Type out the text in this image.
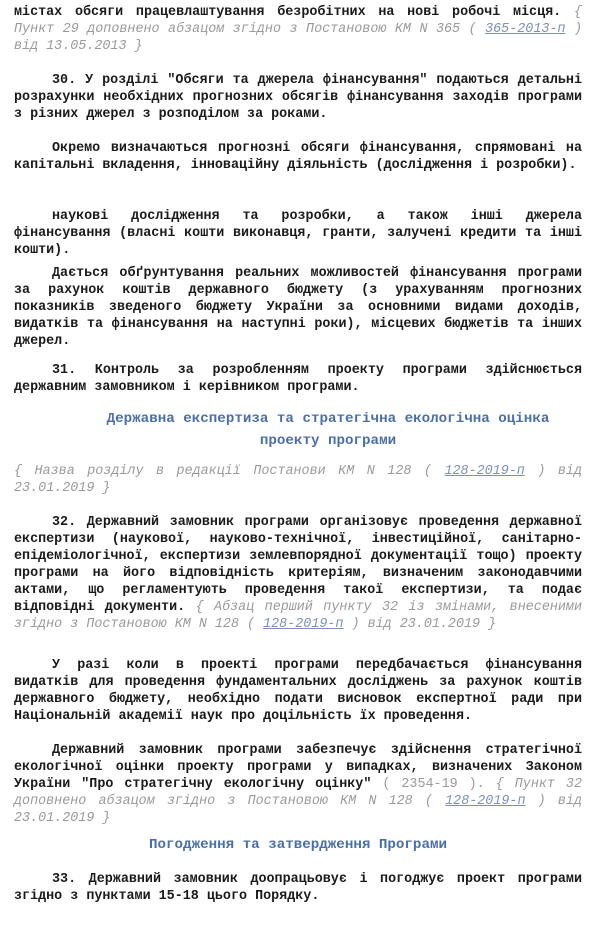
містах обсяги працевлаштування безробітних на нові робочі місця. { Пункт 29 доповнено абзацом згідно з Постановою КМ N 365 ( 365-2013-п ) від 13.05.2013 }
30. У розділі "Обсяги та джерела фінансування" подаються детальні розрахунки необхідних прогнозних обсягів фінансування заходів програми з різних джерел з розподілом за роками.
Окремо визначаються прогнозні обсяги фінансування, спрямовані на капітальні вкладення, інноваційну діяльність (дослідження і розробки).
наукові дослідження та розробки, а також інші джерела фінансування (власні кошти виконавця, гранти, залучені кредити та інші кошти).
Дається обґрунтування реальних можливостей фінансування програми за рахунок коштів державного бюджету (з урахуванням прогнозних показників зведеного бюджету України за основними видами доходів, видатків та фінансування на наступні роки), місцевих бюджетів та інших джерел.
31. Контроль за розробленням проекту програми здійснюється державним замовником і керівником програми.
Державна експертиза та стратегічна екологічна оцінка
проекту програми
{ Назва розділу в редакції Постанови КМ N 128 ( 128-2019-п ) від 23.01.2019 }
32. Державний замовник програми організовує проведення державної експертизи (наукової, науково-технічної, інвестиційної, санітарно-епідеміологічної, експертизи землевпорядної документації тощо) проекту програми на його відповідність критеріям, визначеним законодавчими актами, що регламентують проведення такої експертизи, та подає відповідні документи. { Абзац перший пункту 32 із змінами, внесеними згідно з Постановою КМ N 128 ( 128-2019-п ) від 23.01.2019 }
У разі коли в проекті програми передбачається фінансування видатків для проведення фундаментальних досліджень за рахунок коштів державного бюджету, необхідно подати висновок експертної ради при Національній академії наук про доцільність їх проведення.
Державний замовник програми забезпечує здійснення стратегічної екологічної оцінки проекту програми у випадках, визначених Законом України "Про стратегічну екологічну оцінку" ( 2354-19 ). { Пункт 32 доповнено абзацом згідно з Постановою КМ N 128 ( 128-2019-п ) від 23.01.2019 }
Погодження та затвердження Програми
33. Державний замовник доопрацьовує і погоджує проект програми згідно з пунктами 15-18 цього Порядку.
